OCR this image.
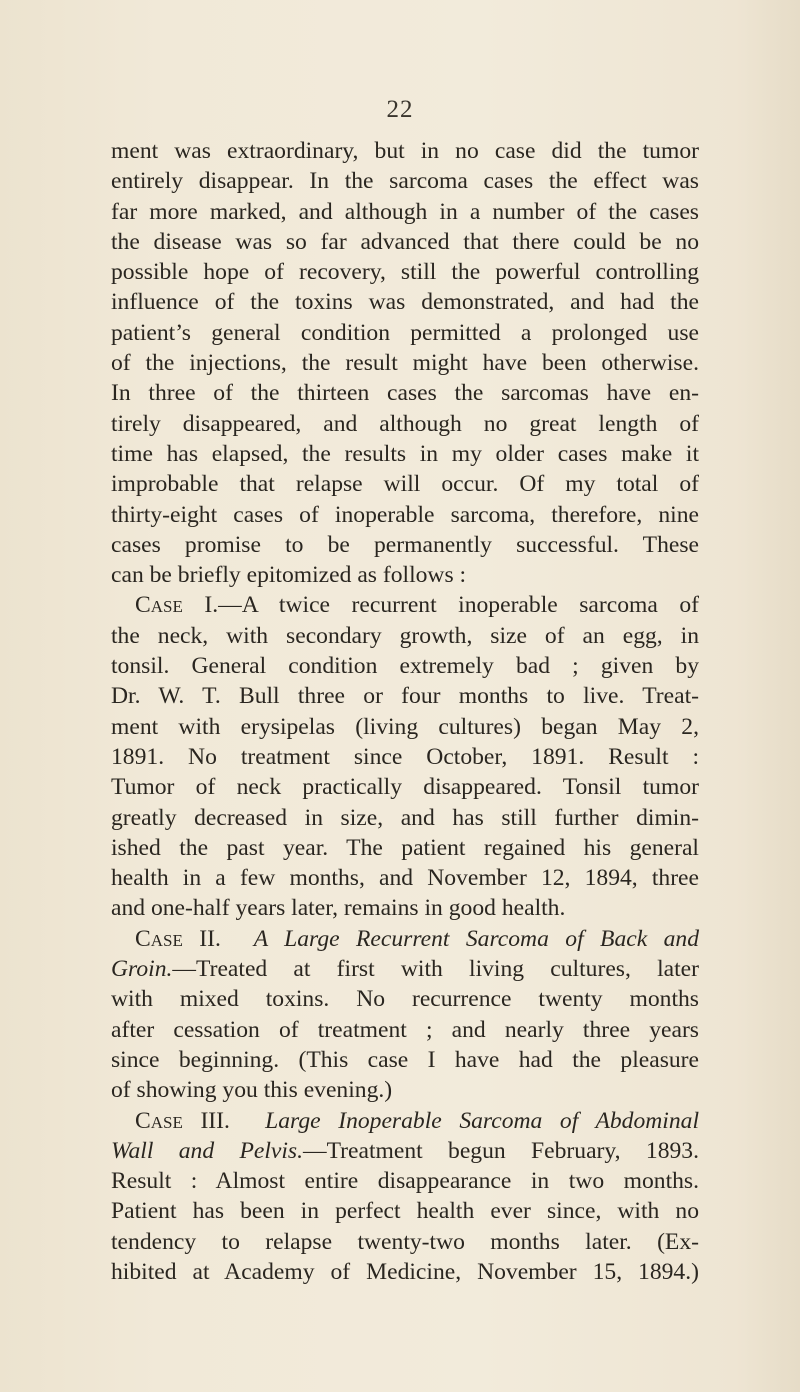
22
ment was extraordinary, but in no case did the tumor
entirely disappear. In the sarcoma cases the effect was
far more marked, and although in a number of the cases
the disease was so far advanced that there could be no
possible hope of recovery, still the powerful controlling
influence of the toxins was demonstrated, and had the
patient’s general condition permitted a prolonged use
of the injections, the result might have been otherwise.
In three of the thirteen cases the sarcomas have en-
tirely disappeared, and although no great length of
time has elapsed, the results in my older cases make it
improbable that relapse will occur. Of my total of
thirty-eight cases of inoperable sarcoma, therefore, nine
cases promise to be permanently successful. These
can be briefly epitomized as follows :
Case I.—A twice recurrent inoperable sarcoma of
the neck, with secondary growth, size of an egg, in
tonsil. General condition extremely bad ; given by
Dr. W. T. Bull three or four months to live. Treat-
ment with erysipelas (living cultures) began May 2,
1891. No treatment since October, 1891. Result :
Tumor of neck practically disappeared. Tonsil tumor
greatly decreased in size, and has still further dimin-
ished the past year. The patient regained his general
health in a few months, and November 12, 1894, three
and one-half years later, remains in good health.
Case II. A Large Recurrent Sarcoma of Back and
Groin.—Treated at first with living cultures, later
with mixed toxins. No recurrence twenty months
after cessation of treatment ; and nearly three years
since beginning. (This case I have had the pleasure
of showing you this evening.)
Case III. Large Inoperable Sarcoma of Abdominal
Wall and Pelvis.—Treatment begun February, 1893.
Result : Almost entire disappearance in two months.
Patient has been in perfect health ever since, with no
tendency to relapse twenty-two months later. (Ex-
hibited at Academy of Medicine, November 15, 1894.)
